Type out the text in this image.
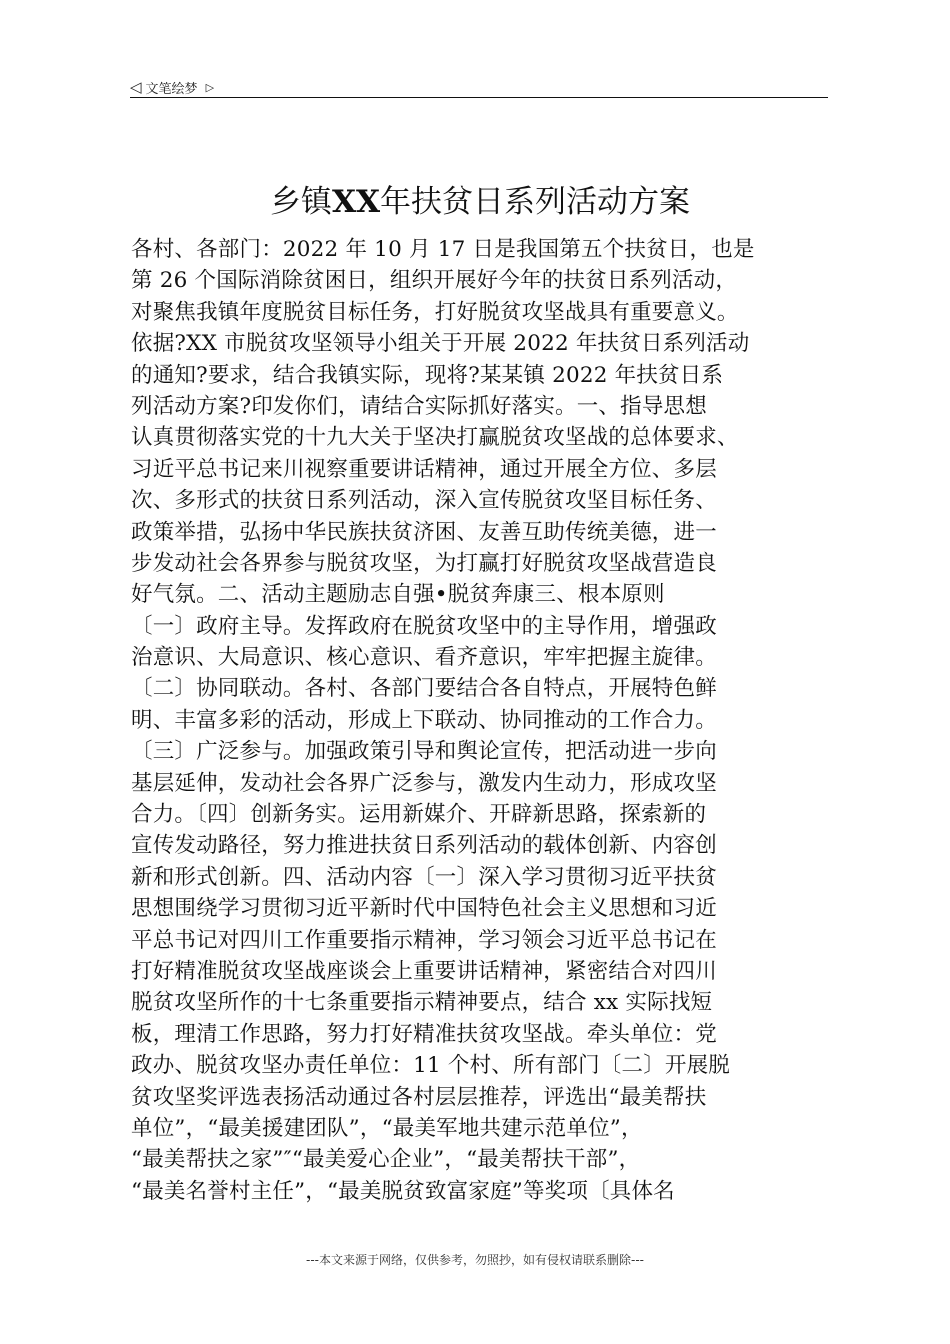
◁ 文笔绘梦 ▷
乡镇XX年扶贫日系列活动方案
各村、各部门：2022 年 10 月 17 日是我国第五个扶贫日，也是
第 26 个国际消除贫困日，组织开展好今年的扶贫日系列活动，
对聚焦我镇年度脱贫目标任务，打好脱贫攻坚战具有重要意义。
依据?XX 市脱贫攻坚领导小组关于开展 2022 年扶贫日系列活动
的通知?要求，结合我镇实际，现将?某某镇 2022 年扶贫日系
列活动方案?印发你们，请结合实际抓好落实。一、指导思想
认真贯彻落实党的十九大关于坚决打赢脱贫攻坚战的总体要求、
习近平总书记来川视察重要讲话精神，通过开展全方位、多层
次、多形式的扶贫日系列活动，深入宣传脱贫攻坚目标任务、
政策举措，弘扬中华民族扶贫济困、友善互助传统美德，进一
步发动社会各界参与脱贫攻坚，为打赢打好脱贫攻坚战营造良
好气氛。二、活动主题励志自强•脱贫奔康三、根本原则
〔一〕政府主导。发挥政府在脱贫攻坚中的主导作用，增强政
治意识、大局意识、核心意识、看齐意识，牢牢把握主旋律。
〔二〕协同联动。各村、各部门要结合各自特点，开展特色鲜
明、丰富多彩的活动，形成上下联动、协同推动的工作合力。
〔三〕广泛参与。加强政策引导和舆论宣传，把活动进一步向
基层延伸，发动社会各界广泛参与，激发内生动力，形成攻坚
合力。〔四〕创新务实。运用新媒介、开辟新思路，探索新的
宣传发动路径，努力推进扶贫日系列活动的载体创新、内容创
新和形式创新。四、活动内容〔一〕深入学习贯彻习近平扶贫
思想围绕学习贯彻习近平新时代中国特色社会主义思想和习近
平总书记对四川工作重要指示精神，学习领会习近平总书记在
打好精准脱贫攻坚战座谈会上重要讲话精神，紧密结合对四川
脱贫攻坚所作的十七条重要指示精神要点，结合 xx 实际找短
板，理清工作思路，努力打好精准扶贫攻坚战。牵头单位：党
政办、脱贫攻坚办责任单位：11 个村、所有部门〔二〕开展脱
贫攻坚奖评选表扬活动通过各村层层推荐，评选出“最美帮扶
单位”，“最美援建团队”，“最美军地共建示范单位”，
“最美帮扶之家”″“最美爱心企业”，“最美帮扶干部”，
“最美名誉村主任”，“最美脱贫致富家庭”等奖项〔具体名
---本文来源于网络，仅供参考，勿照抄，如有侵权请联系删除---
